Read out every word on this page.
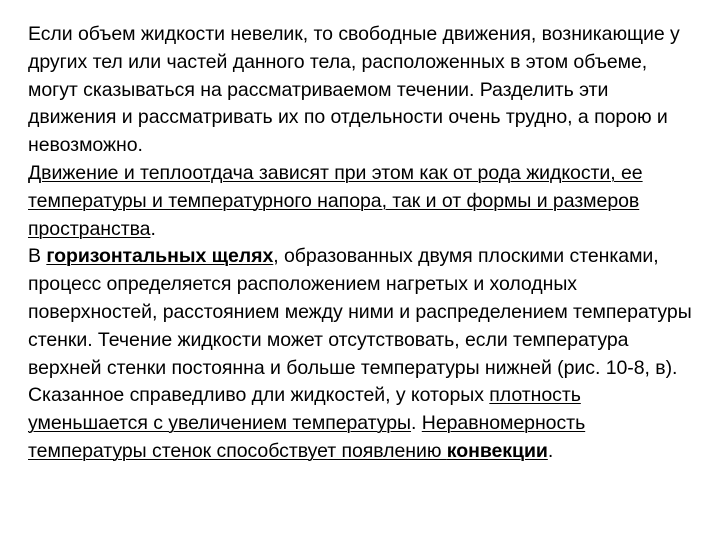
Если объем жидкости невелик, то свободные движения, возникающие у других тел или частей данного тела, расположенных в этом объеме, могут сказываться на рассматриваемом течении. Разделить эти движения и рассматривать их по отдельности очень трудно, а порою и невозможно.

Движение и теплоотдача зависят при этом как от рода жидкости, ее температуры и температурного напора, так и от формы и размеров пространства.

В горизонтальных щелях, образованных двумя плоскими стенками, процесс определяется расположением нагретых и холодных поверхностей, расстоянием между ними и распределением температуры стенки. Течение жидкости может отсутствовать, если температура верхней стенки постоянна и больше температуры нижней (рис. 10-8, в). Сказанное справедливо дли жидкостей, у которых плотность уменьшается с увеличением температуры. Неравномерность температуры стенок способствует появлению конвекции.
